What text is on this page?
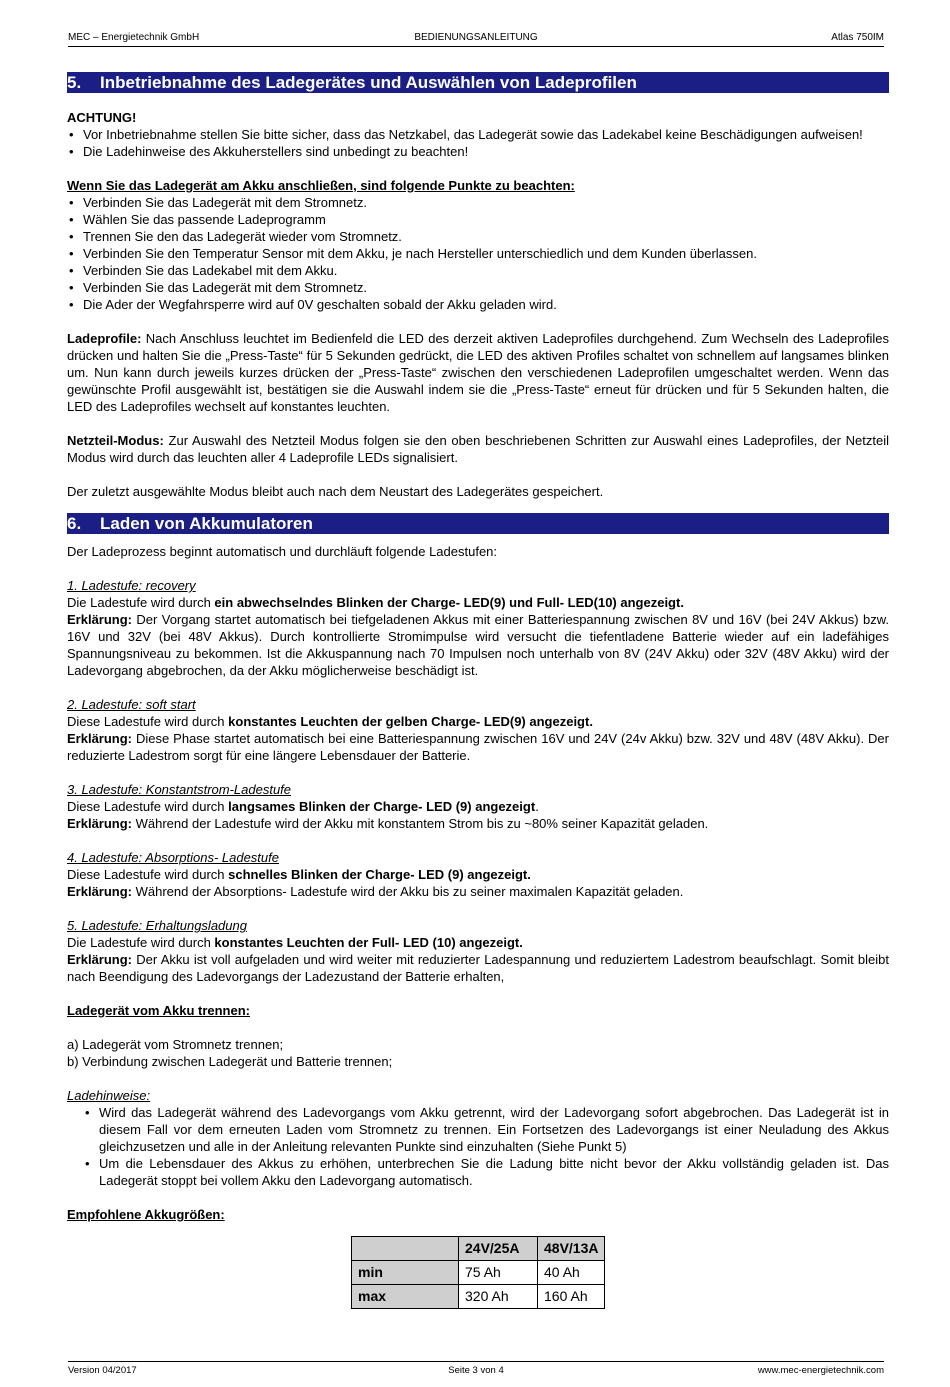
MEC – Energietechnik GmbH	BEDIENUNGSANLEITUNG	Atlas 750IM
5.	Inbetriebnahme des Ladegerätes und Auswählen von Ladeprofilen

ACHTUNG!

• Vor Inbetriebnahme stellen Sie bitte sicher, dass das Netzkabel, das Ladegerät sowie das Ladekabel keine Beschädigungen aufweisen!
• Die Ladehinweise des Akkuherstellers sind unbedingt zu beachten!

Wenn Sie das Ladegerät am Akku anschließen, sind folgende Punkte zu beachten:

• Verbinden Sie das Ladegerät mit dem Stromnetz.
• Wählen Sie das passende Ladeprogramm
• Trennen Sie den das Ladegerät wieder vom Stromnetz.
• Verbinden Sie den Temperatur Sensor mit dem Akku, je nach Hersteller unterschiedlich und dem Kunden überlassen.
• Verbinden Sie das Ladekabel mit dem Akku.
• Verbinden Sie das Ladegerät mit dem Stromnetz.
• Die Ader der Wegfahrsperre wird auf 0V geschalten sobald der Akku geladen wird.

Ladeprofile: Nach Anschluss leuchtet im Bedienfeld die LED des derzeit aktiven Ladeprofiles durchgehend. Zum Wechseln des Ladeprofiles drücken und halten Sie die „Press-Taste“ für 5 Sekunden gedrückt, die LED des aktiven Profiles schaltet von schnellem auf langsames blinken um. Nun kann durch jeweils kurzes drücken der „Press-Taste“ zwischen den verschiedenen Ladeprofilen umgeschaltet werden. Wenn das gewünschte Profil ausgewählt ist, bestätigen sie die Auswahl indem sie die „Press-Taste“ erneut für drücken und für 5 Sekunden halten, die LED des Ladeprofiles wechselt auf konstantes leuchten.

Netzteil-Modus: Zur Auswahl des Netzteil Modus folgen sie den oben beschriebenen Schritten zur Auswahl eines Ladeprofiles, der Netzteil Modus wird durch das leuchten aller 4 Ladeprofile LEDs signalisiert.

Der zuletzt ausgewählte Modus bleibt auch nach dem Neustart des Ladegerätes gespeichert.

6.	Laden von Akkumulatoren

Der Ladeprozess beginnt automatisch und durchläuft folgende Ladestufen:

1. Ladestufe: recovery

Die Ladestufe wird durch ein abwechselndes Blinken der Charge- LED(9) und Full- LED(10) angezeigt.

Erklärung: Der Vorgang startet automatisch bei tiefgeladenen Akkus mit einer Batteriespannung zwischen 8V und 16V (bei 24V Akkus) bzw. 16V und 32V (bei 48V Akkus). Durch kontrollierte Stromimpulse wird versucht die tiefentladene Batterie wieder auf ein ladefähiges Spannungsniveau zu bekommen. Ist die Akkuspannung nach 70 Impulsen noch unterhalb von 8V (24V Akku) oder 32V (48V Akku) wird der Ladevorgang abgebrochen, da der Akku möglicherweise beschädigt ist.

2. Ladestufe: soft start

Diese Ladestufe wird durch konstantes Leuchten der gelben Charge- LED(9) angezeigt.

Erklärung: Diese Phase startet automatisch bei eine Batteriespannung zwischen 16V und 24V (24v Akku) bzw. 32V und 48V (48V Akku). Der reduzierte Ladestrom sorgt für eine längere Lebensdauer der Batterie.

3. Ladestufe: Konstantstrom-Ladestufe

Diese Ladestufe wird durch langsames Blinken der Charge- LED (9) angezeigt.

Erklärung: Während der Ladestufe wird der Akku mit konstantem Strom bis zu ~80% seiner Kapazität geladen.

4. Ladestufe: Absorptions- Ladestufe

Diese Ladestufe wird durch schnelles Blinken der Charge- LED (9) angezeigt.

Erklärung: Während der Absorptions- Ladestufe wird der Akku bis zu seiner maximalen Kapazität geladen.

5. Ladestufe: Erhaltungsladung

Die Ladestufe wird durch konstantes Leuchten der Full- LED (10) angezeigt.

Erklärung: Der Akku ist voll aufgeladen und wird weiter mit reduzierter Ladespannung und reduziertem Ladestrom beaufschlagt. Somit bleibt nach Beendigung des Ladevorgangs der Ladezustand der Batterie erhalten,

Ladegerät vom Akku trennen:

a) Ladegerät vom Stromnetz trennen;

b) Verbindung zwischen Ladegerät und Batterie trennen;

Ladehinweise:

• Wird das Ladegerät während des Ladevorgangs vom Akku getrennt, wird der Ladevorgang sofort abgebrochen. Das Ladegerät ist in diesem Fall vor dem erneuten Laden vom Stromnetz zu trennen. Ein Fortsetzen des Ladevorgangs ist einer Neuladung des Akkus gleichzusetzen und alle in der Anleitung relevanten Punkte sind einzuhalten (Siehe Punkt 5)
• Um die Lebensdauer des Akkus zu erhöhen, unterbrechen Sie die Ladung bitte nicht bevor der Akku vollständig geladen ist. Das Ladegerät stoppt bei vollem Akku den Ladevorgang automatisch.

Empfohlene Akkugrößen:

	24V/25A	48V/13A
min	75 Ah	40 Ah
max	320 Ah	160 Ah
Version 04/2017	Seite 3 von 4	www.mec-energietechnik.com
